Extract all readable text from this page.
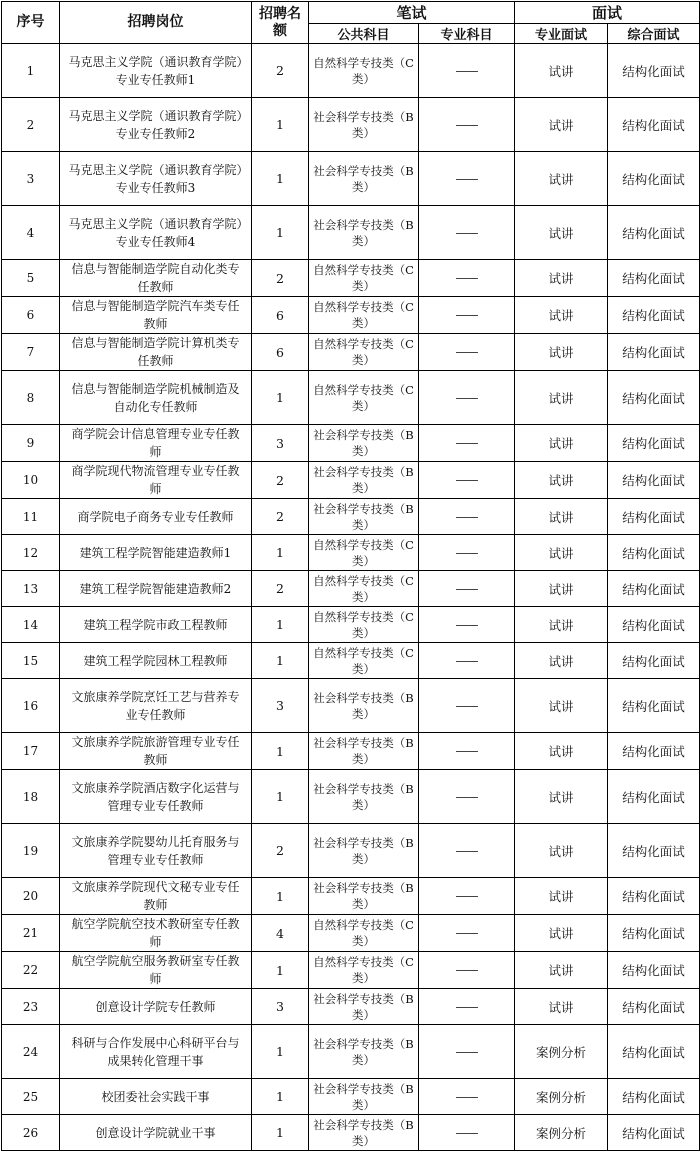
序号	招聘岗位	招聘名额	笔试		面试	
			公共科目	专业科目	专业面试	综合面试
1	马克思主义学院（通识教育学院）专业专任教师1	2	自然科学专技类（C类）	——	试讲	结构化面试
2	马克思主义学院（通识教育学院）专业专任教师2	1	社会科学专技类（B类）	——	试讲	结构化面试
3	马克思主义学院（通识教育学院）专业专任教师3	1	社会科学专技类（B类）	——	试讲	结构化面试
4	马克思主义学院（通识教育学院）专业专任教师4	1	社会科学专技类（B类）	——	试讲	结构化面试
5	信息与智能制造学院自动化类专任教师	2	自然科学专技类（C类）	——	试讲	结构化面试
6	信息与智能制造学院汽车类专任教师	6	自然科学专技类（C类）	——	试讲	结构化面试
7	信息与智能制造学院计算机类专任教师	6	自然科学专技类（C类）	——	试讲	结构化面试
8	信息与智能制造学院机械制造及自动化专任教师	1	自然科学专技类（C类）	——	试讲	结构化面试
9	商学院会计信息管理专业专任教师	3	社会科学专技类（B类）	——	试讲	结构化面试
10	商学院现代物流管理专业专任教师	2	社会科学专技类（B类）	——	试讲	结构化面试
11	商学院电子商务专业专任教师	2	社会科学专技类（B类）	——	试讲	结构化面试
12	建筑工程学院智能建造教师1	1	自然科学专技类（C类）	——	试讲	结构化面试
13	建筑工程学院智能建造教师2	2	自然科学专技类（C类）	——	试讲	结构化面试
14	建筑工程学院市政工程教师	1	自然科学专技类（C类）	——	试讲	结构化面试
15	建筑工程学院园林工程教师	1	自然科学专技类（C类）	——	试讲	结构化面试
16	文旅康养学院烹饪工艺与营养专业专任教师	3	社会科学专技类（B类）	——	试讲	结构化面试
17	文旅康养学院旅游管理专业专任教师	1	社会科学专技类（B类）	——	试讲	结构化面试
18	文旅康养学院酒店数字化运营与管理专业专任教师	1	社会科学专技类（B类）	——	试讲	结构化面试
19	文旅康养学院婴幼儿托育服务与管理专业专任教师	2	社会科学专技类（B类）	——	试讲	结构化面试
20	文旅康养学院现代文秘专业专任教师	1	社会科学专技类（B类）	——	试讲	结构化面试
21	航空学院航空技术教研室专任教师	4	自然科学专技类（C类）	——	试讲	结构化面试
22	航空学院航空服务教研室专任教师	1	自然科学专技类（C类）	——	试讲	结构化面试
23	创意设计学院专任教师	3	社会科学专技类（B类）	——	试讲	结构化面试
24	科研与合作发展中心科研平台与成果转化管理干事	1	社会科学专技类（B类）	——	案例分析	结构化面试
25	校团委社会实践干事	1	社会科学专技类（B类）	——	案例分析	结构化面试
26	创意设计学院就业干事	1	社会科学专技类（B类）	——	案例分析	结构化面试
